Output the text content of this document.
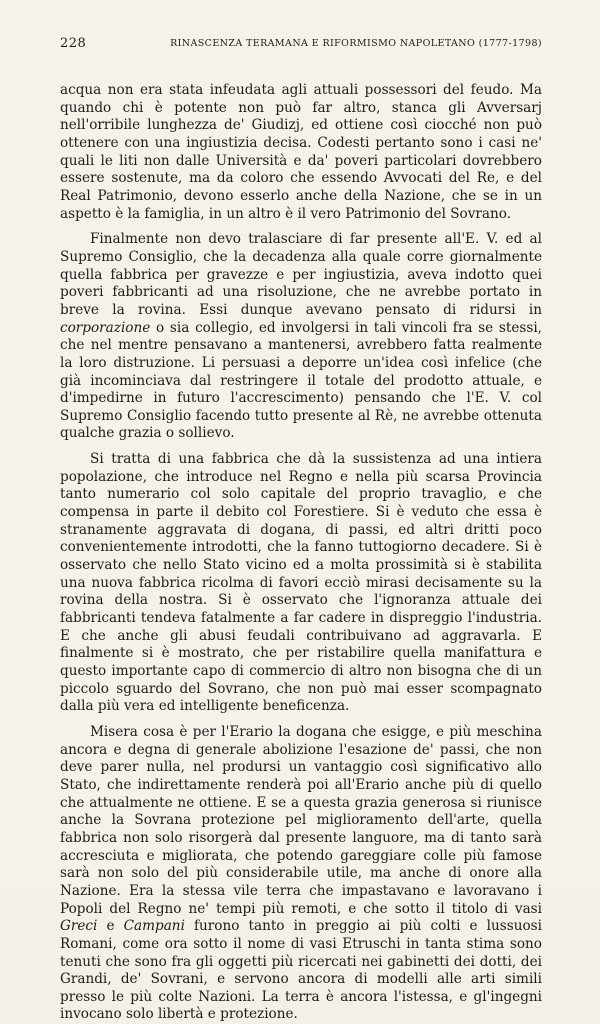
228	RINASCENZA TERAMANA E RIFORMISMO NAPOLETANO (1777-1798)

acqua non era stata infeudata agli attuali possessori del feudo. Ma quando chi è potente non può far altro, stanca gli Avversarj nell'orribile lunghezza de' Giudizj, ed ottiene così ciocché non può ottenere con una ingiustizia decisa. Codesti pertanto sono i casi ne' quali le liti non dalle Università e da' poveri particolari dovrebbero essere sostenute, ma da coloro che essendo Avvocati del Re, e del Real Patrimonio, devono esserlo anche della Nazione, che se in un aspetto è la famiglia, in un altro è il vero Patrimonio del Sovrano.

Finalmente non devo tralasciare di far presente all'E. V. ed al Supremo Consiglio, che la decadenza alla quale corre giornalmente quella fabbrica per gravezze e per ingiustizia, aveva indotto quei poveri fabbricanti ad una risoluzione, che ne avrebbe portato in breve la rovina. Essi dunque avevano pensato di ridursi in corporazione o sia collegio, ed involgersi in tali vincoli fra se stessi, che nel mentre pensavano a mantenersi, avrebbero fatta realmente la loro distruzione. Li persuasi a deporre un'idea così infelice (che già incominciava dal restringere il totale del prodotto attuale, e d'impedirne in futuro l'accrescimento) pensando che l'E. V. col Supremo Consiglio facendo tutto presente al Rè, ne avrebbe ottenuta qualche grazia o sollievo.

Si tratta di una fabbrica che dà la sussistenza ad una intiera popolazione, che introduce nel Regno e nella più scarsa Provincia tanto numerario col solo capitale del proprio travaglio, e che compensa in parte il debito col Forestiere. Si è veduto che essa è stranamente aggravata di dogana, di passi, ed altri dritti poco convenientemente introdotti, che la fanno tuttogiorno decadere. Si è osservato che nello Stato vicino ed a molta prossimità si è stabilita una nuova fabbrica ricolma di favori ecciò mirasi decisamente su la rovina della nostra. Si è osservato che l'ignoranza attuale dei fabbricanti tendeva fatalmente a far cadere in dispreggio l'industria. E che anche gli abusi feudali contribuivano ad aggravarla. E finalmente si è mostrato, che per ristabilire quella manifattura e questo importante capo di commercio di altro non bisogna che di un piccolo sguardo del Sovrano, che non può mai esser scompagnato dalla più vera ed intelligente beneficenza.

Misera cosa è per l'Erario la dogana che esigge, e più meschina ancora e degna di generale abolizione l'esazione de' passi, che non deve parer nulla, nel prodursi un vantaggio così significativo allo Stato, che indirettamente renderà poi all'Erario anche più di quello che attualmente ne ottiene. E se a questa grazia generosa si riunisce anche la Sovrana protezione pel miglioramento dell'arte, quella fabbrica non solo risorgerà dal presente languore, ma di tanto sarà accresciuta e migliorata, che potendo gareggiare colle più famose sarà non solo del più considerabile utile, ma anche di onore alla Nazione. Era la stessa vile terra che impastavano e lavoravano i Popoli del Regno ne' tempi più remoti, e che sotto il titolo di vasi Greci e Campani furono tanto in preggio ai più colti e lussuosi Romani, come ora sotto il nome di vasi Etruschi in tanta stima sono tenuti che sono fra gli oggetti più ricercati nei gabinetti dei dotti, dei Grandi, de' Sovrani, e servono ancora di modelli alle arti simili presso le più colte Nazioni. La terra è ancora l'istessa, e gl'ingegni invocano solo libertà e protezione.
